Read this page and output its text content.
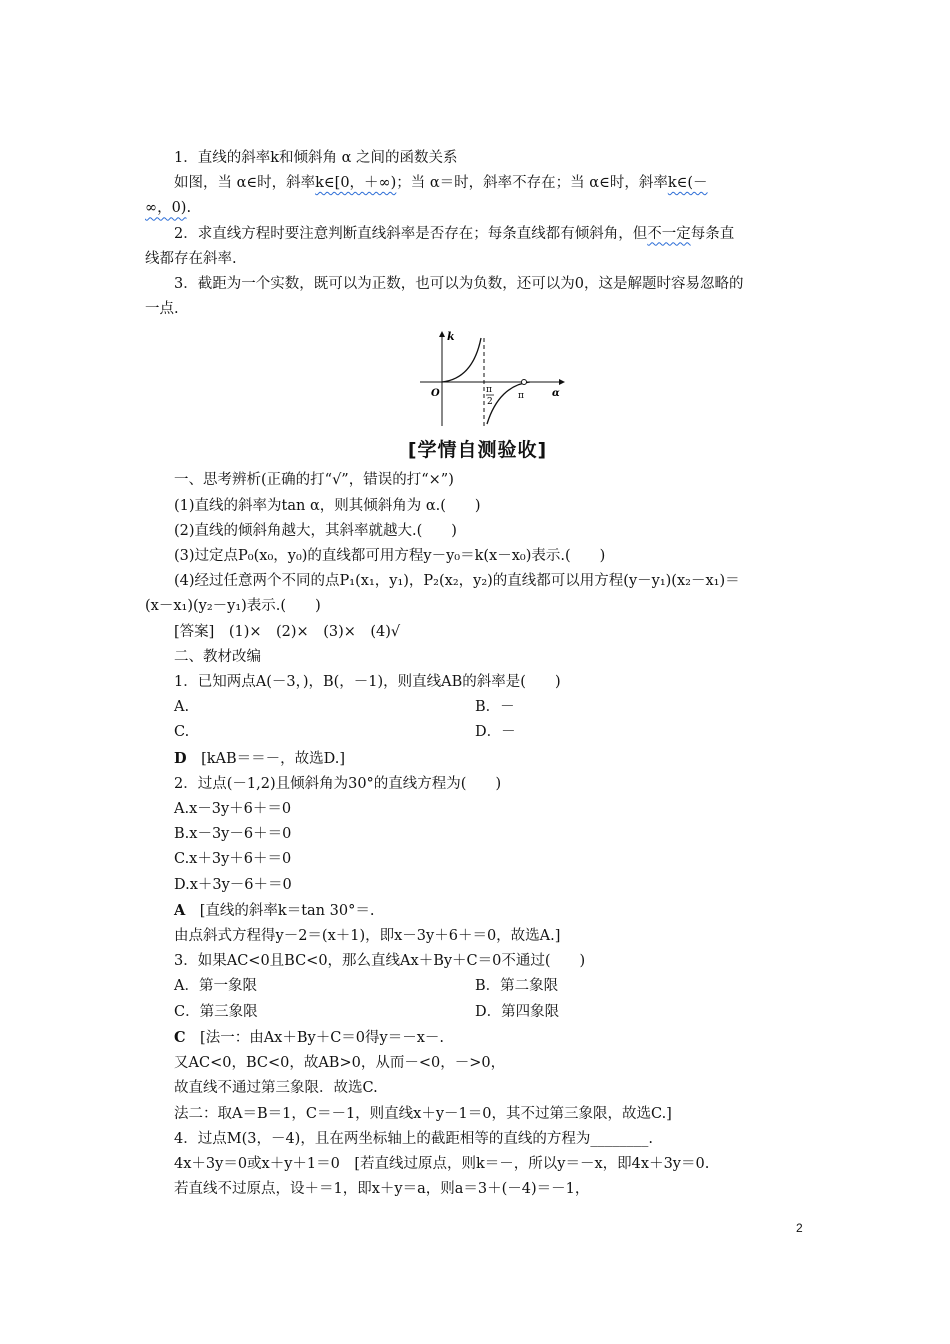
1．直线的斜率k和倾斜角 α 之间的函数关系

如图，当 α∈时，斜率k∈[0，＋∞)；当 α＝时，斜率不存在；当 α∈时，斜率k∈(－

∞，0).

2．求直线方程时要注意判断直线斜率是否存在；每条直线都有倾斜角，但不一定每条直

线都存在斜率.

3．截距为一个实数，既可以为正数，也可以为负数，还可以为0，这是解题时容易忽略的

一点.

k
O	π
2
π	α
[学情自测验收]

一、思考辨析(正确的打“√”，错误的打“×”)

(1)直线的斜率为tan α，则其倾斜角为 α.(　　)

(2)直线的倾斜角越大，其斜率就越大.(　　)

(3)过定点P₀(x₀，y₀)的直线都可用方程y－y₀＝k(x－x₀)表示.(　　)

(4)经过任意两个不同的点P₁(x₁，y₁)，P₂(x₂，y₂)的直线都可以用方程(y－y₁)(x₂－x₁)＝

(x－x₁)(y₂－y₁)表示.(　　)

[答案]　(1)×　(2)×　(3)×　(4)√

二、教材改编

1．已知两点A(－3，)，B(，－1)，则直线AB的斜率是(　　)

A.	B．－
C.	D．－

D　 [kAB＝＝－，故选D.]

2．过点(－1,2)且倾斜角为30°的直线方程为(　　)

A.x－3y＋6＋＝0

B.x－3y－6＋＝0

C.x＋3y＋6＋＝0

D.x＋3y－6＋＝0

A　 [直线的斜率k＝tan 30°＝.

由点斜式方程得y－2＝(x＋1)，即x－3y＋6＋＝0，故选A.]

3．如果AC<0且BC<0，那么直线Ax＋By＋C＝0不通过(　　)

A．第一象限	B．第二象限
C．第三象限	D．第四象限

C　 [法一：由Ax＋By＋C＝0得y＝－x－.

又AC<0，BC<0，故AB>0，从而－<0，－>0，

故直线不通过第三象限．故选C.

法二：取A＝B＝1，C＝－1，则直线x＋y－1＝0，其不过第三象限，故选C.]

4．过点M(3，－4)，且在两坐标轴上的截距相等的直线的方程为________.

4x＋3y＝0或x＋y＋1＝0　[若直线过原点，则k＝－，所以y＝－x，即4x＋3y＝0.

若直线不过原点，设＋＝1，即x＋y＝a，则a＝3＋(－4)＝－1，

2
